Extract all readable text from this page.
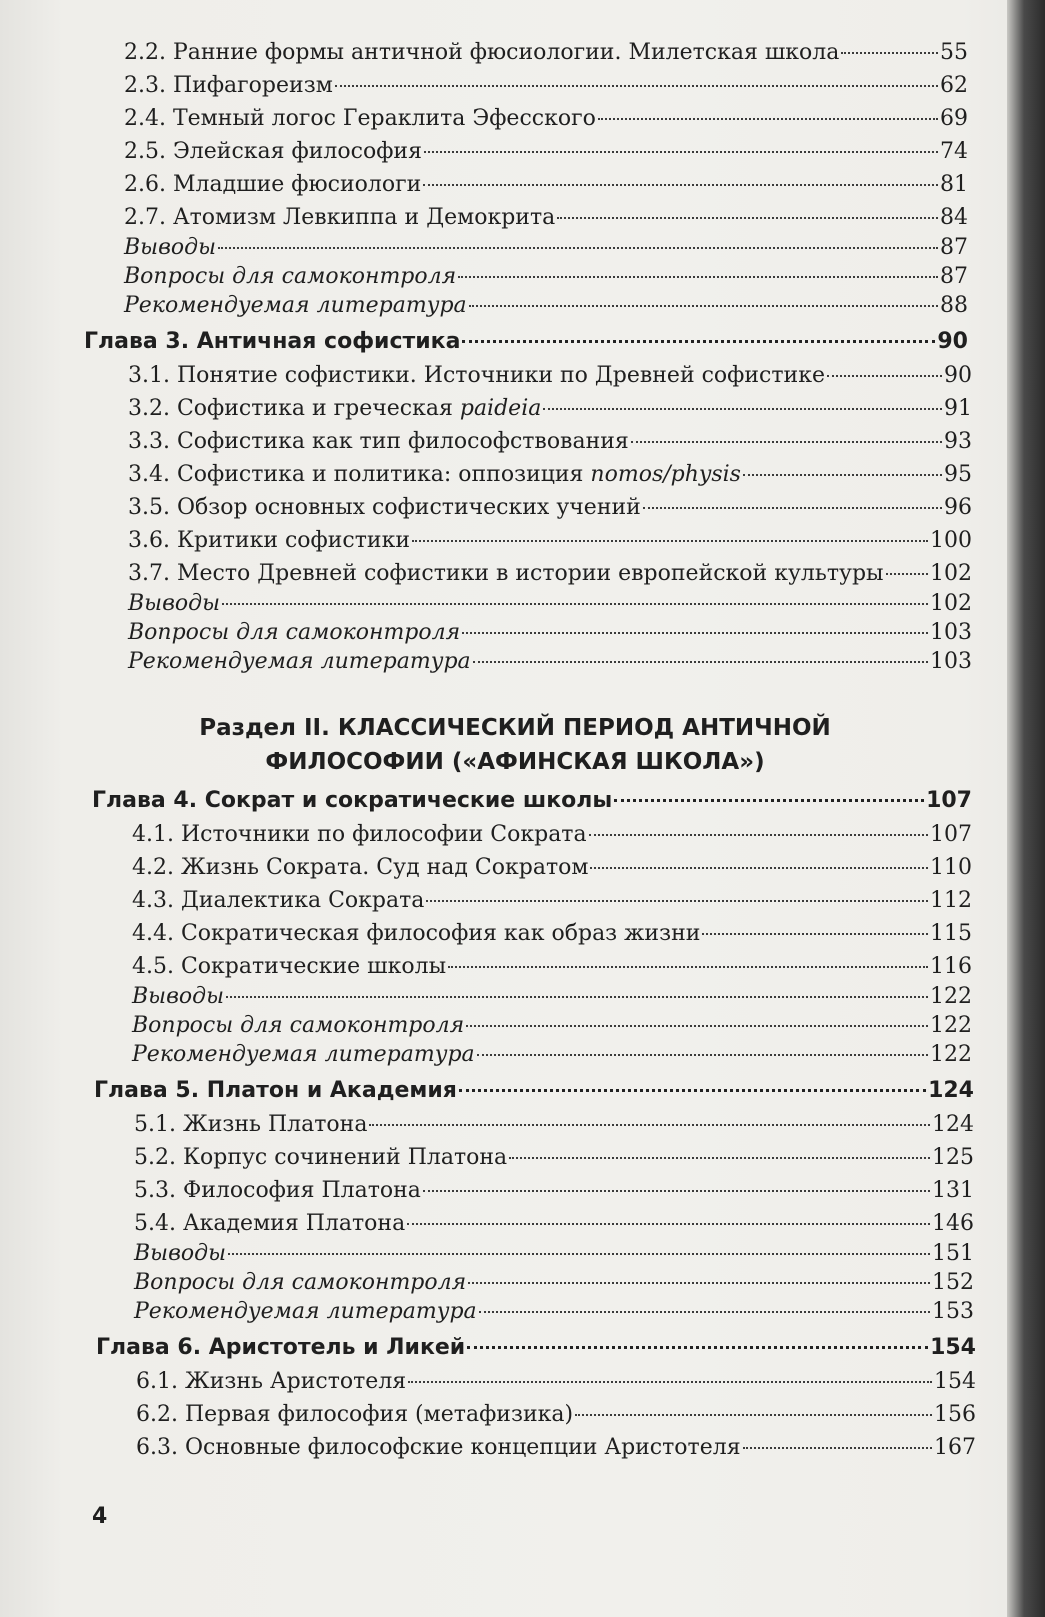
2.2. Ранние формы античной фюсиологии. Милетская школа	55
2.3. Пифагореизм	62
2.4. Темный логос Гераклита Эфесского	69
2.5. Элейская философия	74
2.6. Младшие фюсиологи	81
2.7. Атомизм Левкиппа и Демокрита	84
Выводы	87
Вопросы для самоконтроля	87
Рекомендуемая литература	88
Глава 3. Античная софистика	90
3.1. Понятие софистики. Источники по Древней софистике	90
3.2. Софистика и греческая paideia	91
3.3. Софистика как тип философствования	93
3.4. Софистика и политика: оппозиция nomos/physis	95
3.5. Обзор основных софистических учений	96
3.6. Критики софистики	100
3.7. Место Древней софистики в истории европейской культуры 102
Выводы	102
Вопросы для самоконтроля	103
Рекомендуемая литература	103
Раздел II. КЛАССИЧЕСКИЙ ПЕРИОД АНТИЧНОЙ
ФИЛОСОФИИ («АФИНСКАЯ ШКОЛА»)
Глава 4. Сократ и сократические школы	107
4.1. Источники по философии Сократа	107
4.2. Жизнь Сократа. Суд над Сократом	110
4.3. Диалектика Сократа	112
4.4. Сократическая философия как образ жизни	115
4.5. Сократические школы	116
Выводы	122
Вопросы для самоконтроля	122
Рекомендуемая литература	122
Глава 5. Платон и Академия	124
5.1. Жизнь Платона	124
5.2. Корпус сочинений Платона	125
5.3. Философия Платона	131
5.4. Академия Платона	146
Выводы	151
Вопросы для самоконтроля	152
Рекомендуемая литература	153
Глава 6. Аристотель и Ликей	154
6.1. Жизнь Аристотеля	154
6.2. Первая философия (метафизика)	156
6.3. Основные философские концепции Аристотеля	167
4
